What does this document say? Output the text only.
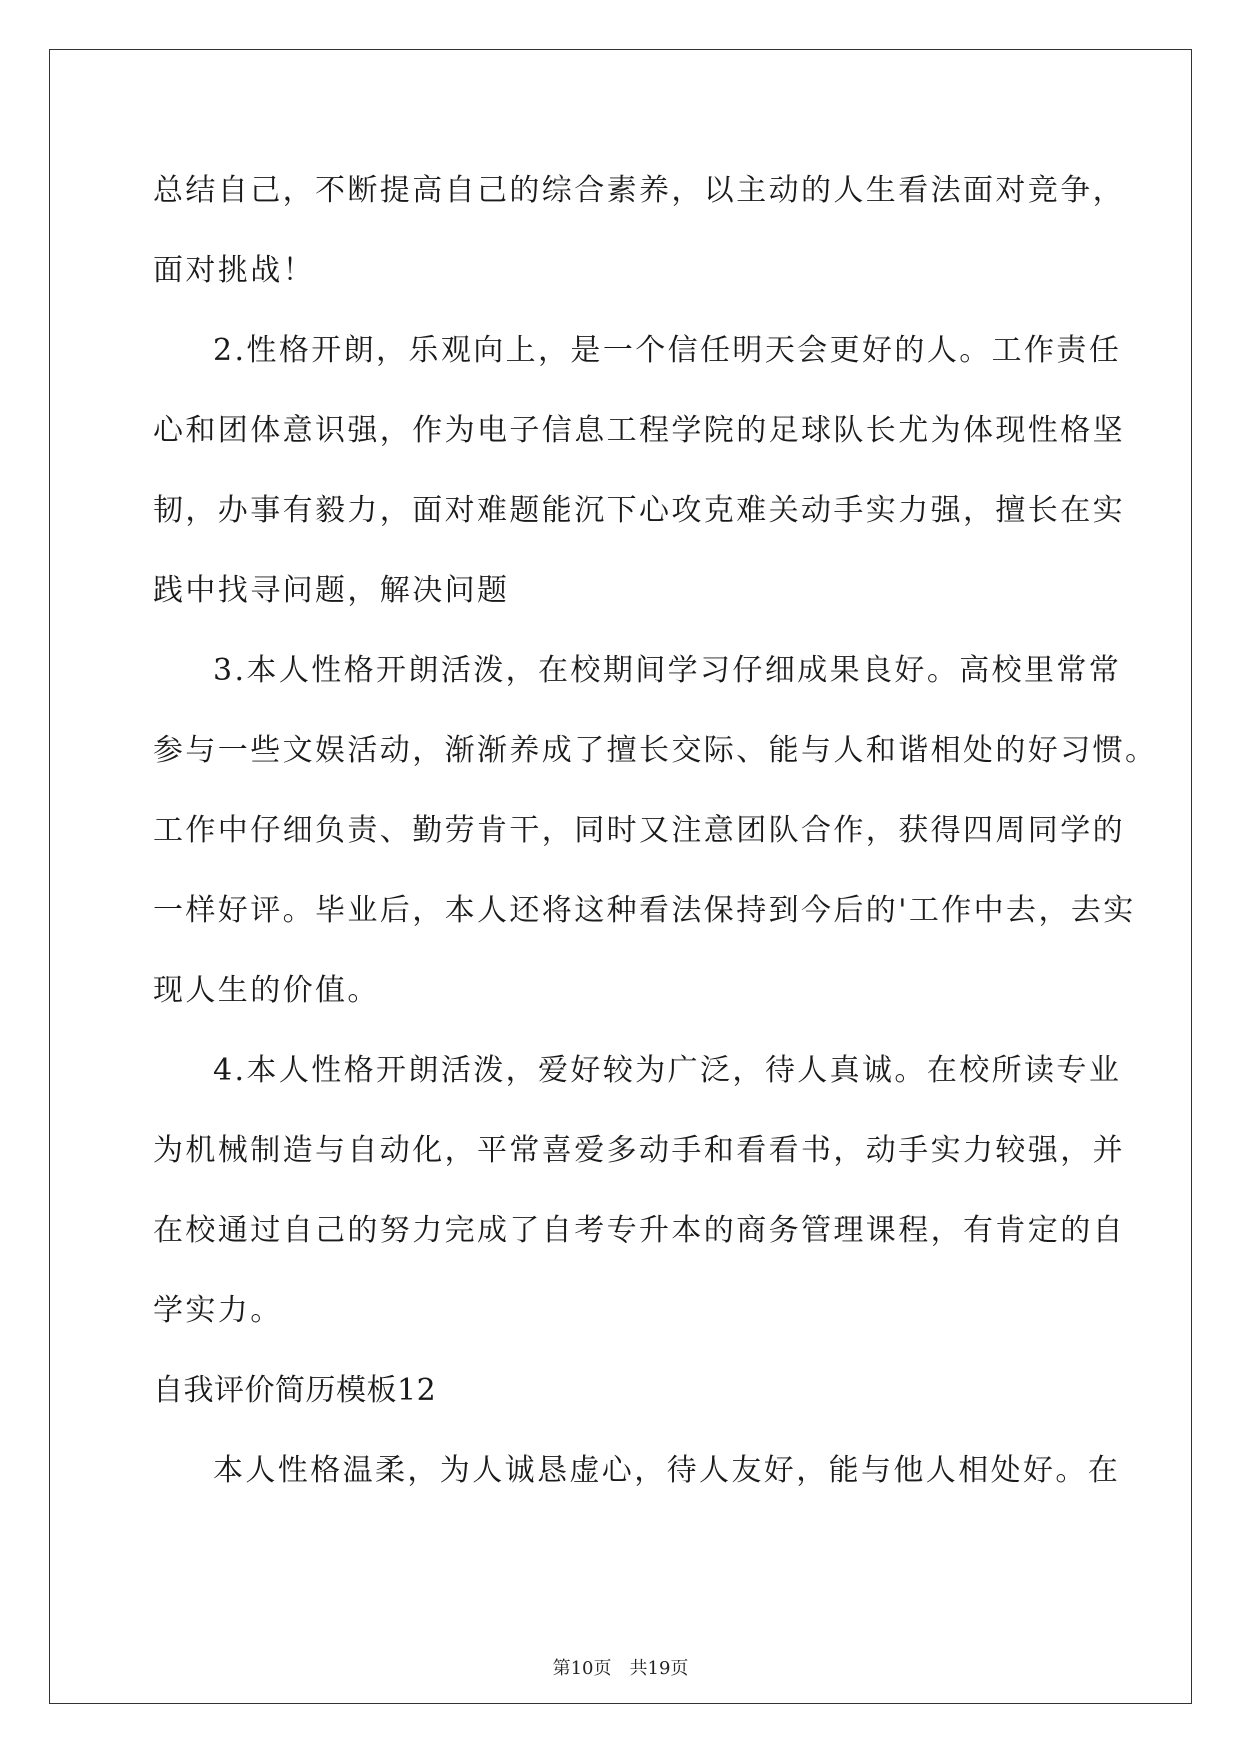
总结自己，不断提高自己的综合素养，以主动的人生看法面对竞争，
面对挑战！
2.性格开朗，乐观向上，是一个信任明天会更好的人。工作责任
心和团体意识强，作为电子信息工程学院的足球队长尤为体现性格坚
韧，办事有毅力，面对难题能沉下心攻克难关动手实力强，擅长在实
践中找寻问题，解决问题
3.本人性格开朗活泼，在校期间学习仔细成果良好。高校里常常
参与一些文娱活动，渐渐养成了擅长交际、能与人和谐相处的好习惯。
工作中仔细负责、勤劳肯干，同时又注意团队合作，获得四周同学的
一样好评。毕业后，本人还将这种看法保持到今后的'工作中去，去实
现人生的价值。
4.本人性格开朗活泼，爱好较为广泛，待人真诚。在校所读专业
为机械制造与自动化，平常喜爱多动手和看看书，动手实力较强，并
在校通过自己的努力完成了自考专升本的商务管理课程，有肯定的自
学实力。
自我评价简历模板12
本人性格温柔，为人诚恳虚心，待人友好，能与他人相处好。在
第10页　共19页
